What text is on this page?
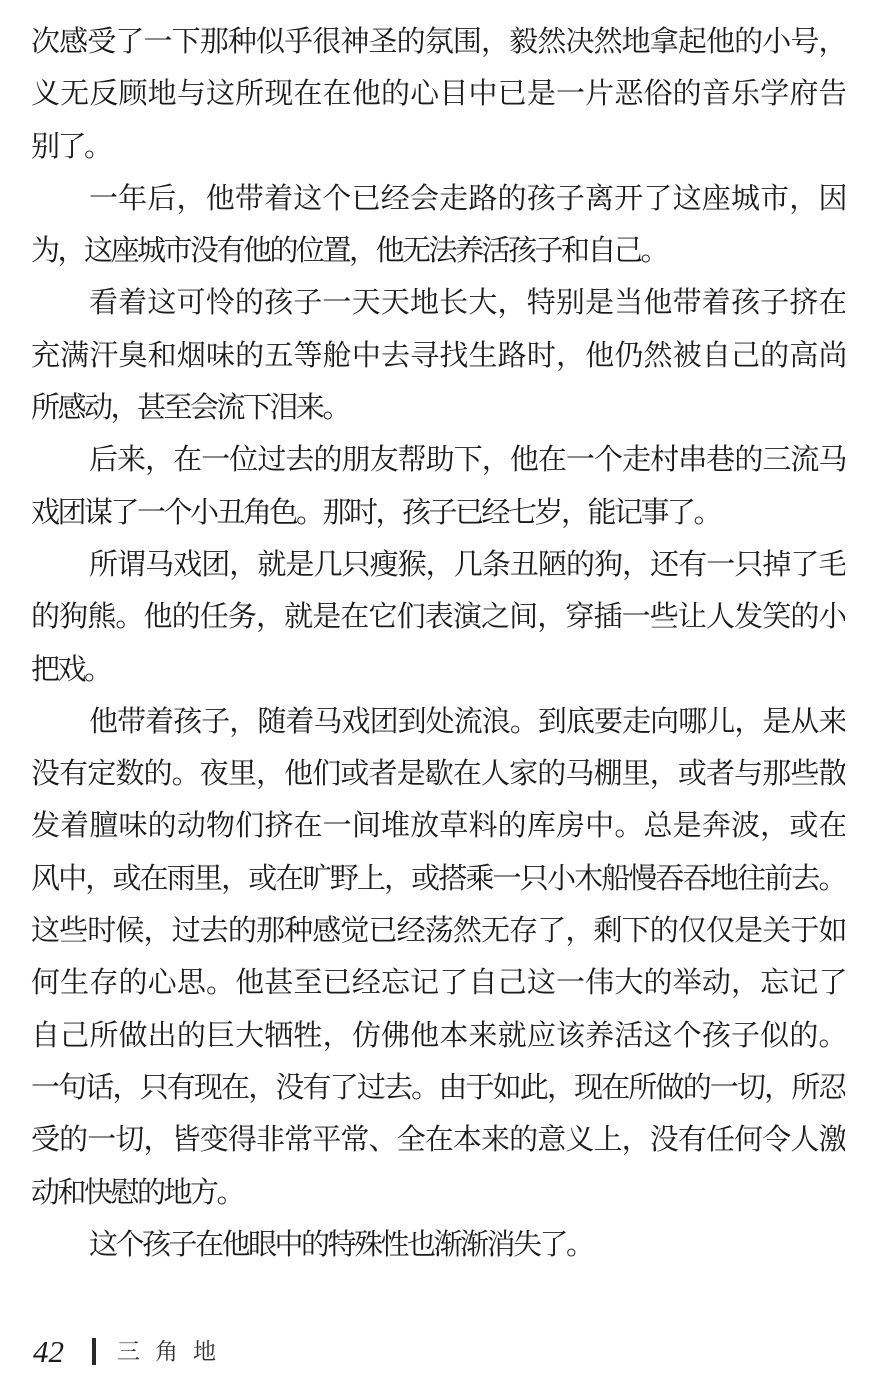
次感受了一下那种似乎很神圣的氛围，毅然决然地拿起他的小号，
义无反顾地与这所现在在他的心目中已是一片恶俗的音乐学府告
别了。
一年后，他带着这个已经会走路的孩子离开了这座城市，因
为，这座城市没有他的位置，他无法养活孩子和自己。
看着这可怜的孩子一天天地长大，特别是当他带着孩子挤在
充满汗臭和烟味的五等舱中去寻找生路时，他仍然被自己的高尚
所感动，甚至会流下泪来。
后来，在一位过去的朋友帮助下，他在一个走村串巷的三流马
戏团谋了一个小丑角色。那时，孩子已经七岁，能记事了。
所谓马戏团，就是几只瘦猴，几条丑陋的狗，还有一只掉了毛
的狗熊。他的任务，就是在它们表演之间，穿插一些让人发笑的小
把戏。
他带着孩子，随着马戏团到处流浪。到底要走向哪儿，是从来
没有定数的。夜里，他们或者是歇在人家的马棚里，或者与那些散
发着膻味的动物们挤在一间堆放草料的库房中。总是奔波，或在
风中，或在雨里，或在旷野上，或搭乘一只小木船慢吞吞地往前去。
这些时候，过去的那种感觉已经荡然无存了，剩下的仅仅是关于如
何生存的心思。他甚至已经忘记了自己这一伟大的举动，忘记了
自己所做出的巨大牺牲，仿佛他本来就应该养活这个孩子似的。
一句话，只有现在，没有了过去。由于如此，现在所做的一切，所忍
受的一切，皆变得非常平常、全在本来的意义上，没有任何令人激
动和快慰的地方。
这个孩子在他眼中的特殊性也渐渐消失了。
42 三角地
